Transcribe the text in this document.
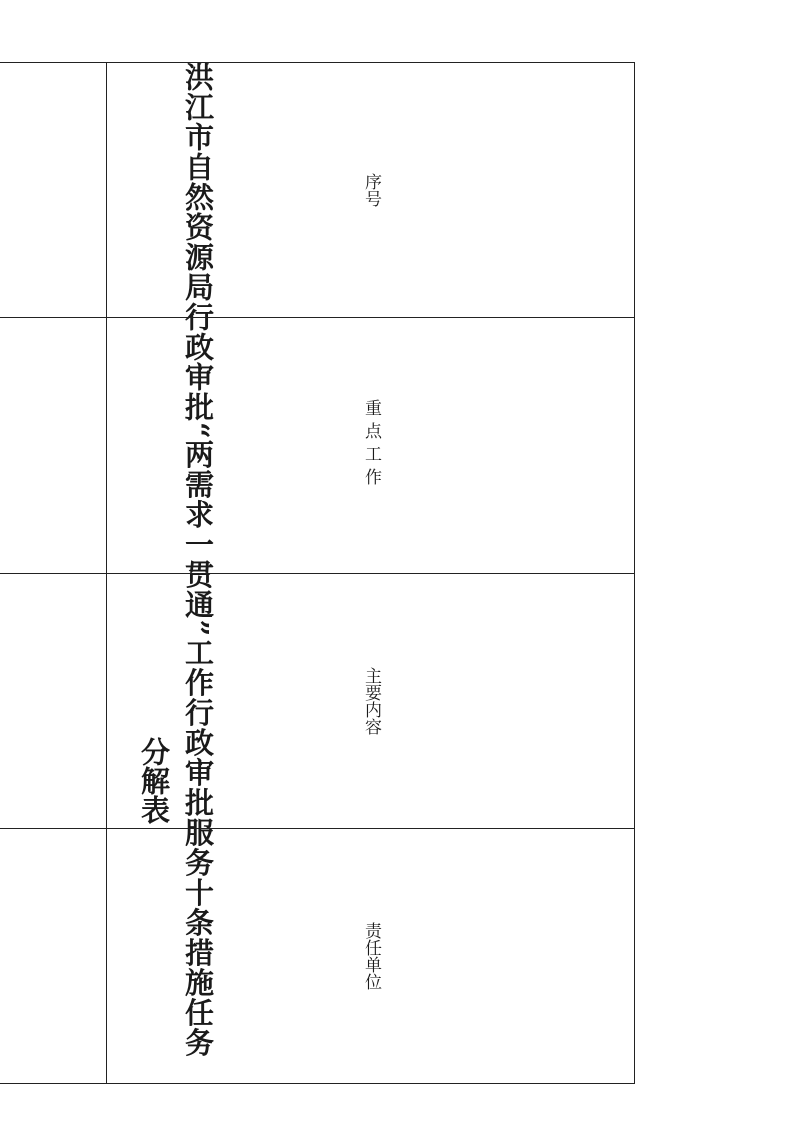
洪江市自然资源局行政审批“两需求一贯通”工作行政审批服务十条措施任务
分解表
序号	重点工作	主要内容	责任单位
